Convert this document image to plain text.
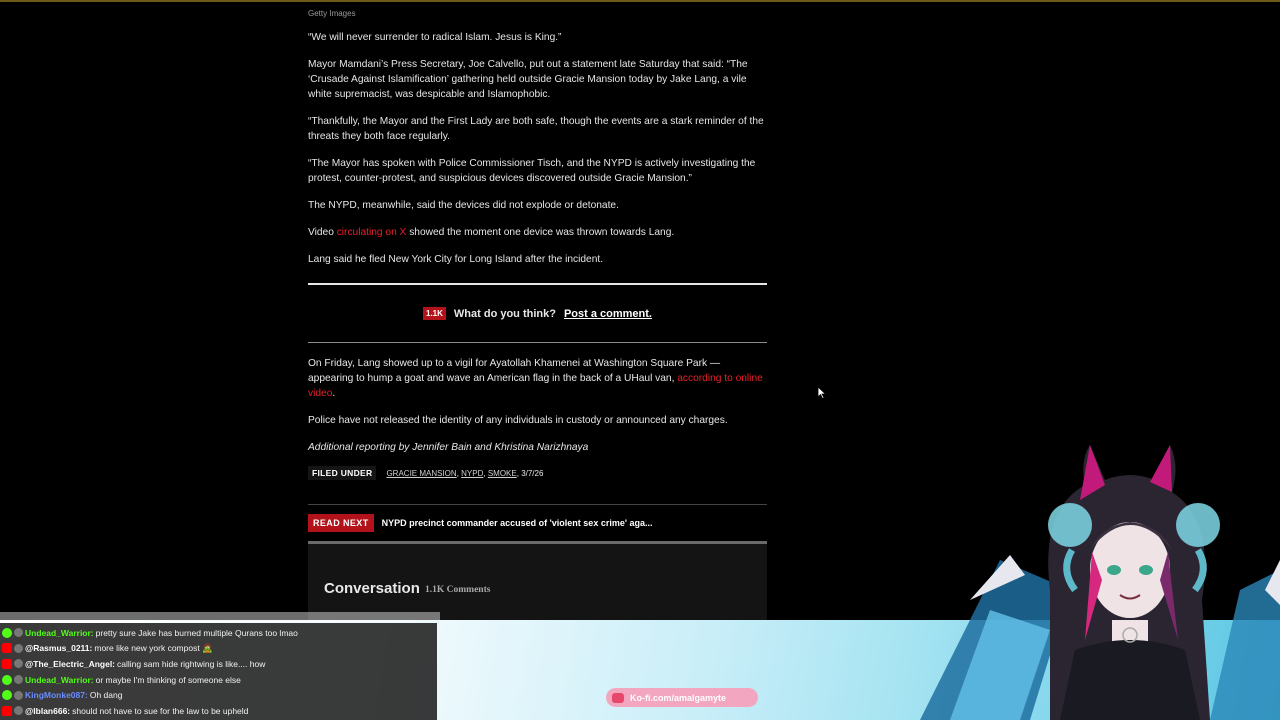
Getty Images

“We will never surrender to radical Islam. Jesus is King.”

Mayor Mamdani’s Press Secretary, Joe Calvello, put out a statement late Saturday that said: “The ‘Crusade Against Islamification’ gathering held outside Gracie Mansion today by Jake Lang, a vile white supremacist, was despicable and Islamophobic.

“Thankfully, the Mayor and the First Lady are both safe, though the events are a stark reminder of the threats they both face regularly.

“The Mayor has spoken with Police Commissioner Tisch, and the NYPD is actively investigating the protest, counter-protest, and suspicious devices discovered outside Gracie Mansion.”

The NYPD, meanwhile, said the devices did not explode or detonate.

Video circulating on X showed the moment one device was thrown towards Lang.

Lang said he fled New York City for Long Island after the incident.

1.1K What do you think? Post a comment.

On Friday, Lang showed up to a vigil for Ayatollah Khamenei at Washington Square Park — appearing to hump a goat and wave an American flag in the back of a UHaul van, according to online video.

Police have not released the identity of any individuals in custody or announced any charges.

Additional reporting by Jennifer Bain and Khristina Narizhnaya

FILED UNDER	GRACIE MANSION, NYPD, SMOKE, 3/7/26
READ NEXT	NYPD precinct commander accused of 'violent sex crime' aga...
Conversation 1.1K Comments
Undead_Warrior: pretty sure Jake has burned multiple Qurans too lmao
@Rasmus_0211: more like new york compost 🧟
@The_Electric_Angel: calling sam hide rightwing is like.... how
Undead_Warrior: or maybe I'm thinking of someone else
KingMonke087: Oh dang
@Iblan666: should not have to sue for the law to be upheld
Ko-fi.com/amalgamyte
